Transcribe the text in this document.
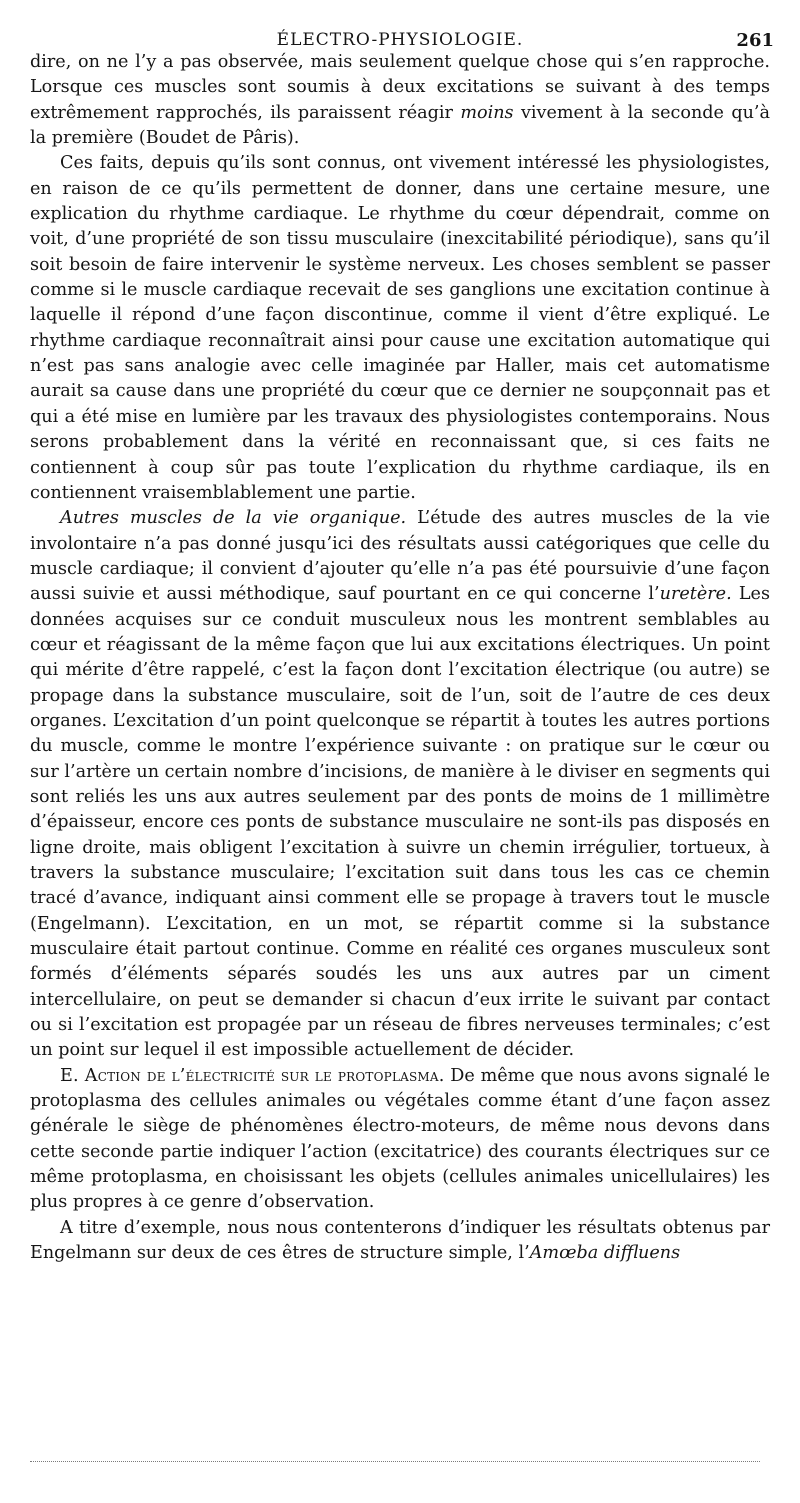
ÉLECTRO-PHYSIOLOGIE.	261

dire, on ne l’y a pas observée, mais seulement quelque chose qui s’en rapproche. Lorsque ces muscles sont soumis à deux excitations se suivant à des temps extrêmement rapprochés, ils paraissent réagir moins vivement à la seconde qu’à la première (Boudet de Pâris).

Ces faits, depuis qu’ils sont connus, ont vivement intéressé les physiologistes, en raison de ce qu’ils permettent de donner, dans une certaine mesure, une explication du rhythme cardiaque. Le rhythme du cœur dépendrait, comme on voit, d’une propriété de son tissu musculaire (inexcitabilité périodique), sans qu’il soit besoin de faire intervenir le système nerveux. Les choses semblent se passer comme si le muscle cardiaque recevait de ses ganglions une excitation continue à laquelle il répond d’une façon discontinue, comme il vient d’être expliqué. Le rhythme cardiaque reconnaîtrait ainsi pour cause une excitation automatique qui n’est pas sans analogie avec celle imaginée par Haller, mais cet automatisme aurait sa cause dans une propriété du cœur que ce dernier ne soupçonnait pas et qui a été mise en lumière par les travaux des physiologistes contemporains. Nous serons probablement dans la vérité en reconnaissant que, si ces faits ne contiennent à coup sûr pas toute l’explication du rhythme cardiaque, ils en contiennent vraisemblablement une partie.

Autres muscles de la vie organique. L’étude des autres muscles de la vie involontaire n’a pas donné jusqu’ici des résultats aussi catégoriques que celle du muscle cardiaque; il convient d’ajouter qu’elle n’a pas été poursuivie d’une façon aussi suivie et aussi méthodique, sauf pourtant en ce qui concerne l’uretère. Les données acquises sur ce conduit musculeux nous les montrent semblables au cœur et réagissant de la même façon que lui aux excitations électriques. Un point qui mérite d’être rappelé, c’est la façon dont l’excitation électrique (ou autre) se propage dans la substance musculaire, soit de l’un, soit de l’autre de ces deux organes. L’excitation d’un point quelconque se répartit à toutes les autres portions du muscle, comme le montre l’expérience suivante : on pratique sur le cœur ou sur l’artère un certain nombre d’incisions, de manière à le diviser en segments qui sont reliés les uns aux autres seulement par des ponts de moins de 1 millimètre d’épaisseur, encore ces ponts de substance musculaire ne sont-ils pas disposés en ligne droite, mais obligent l’excitation à suivre un chemin irrégulier, tortueux, à travers la substance musculaire; l’excitation suit dans tous les cas ce chemin tracé d’avance, indiquant ainsi comment elle se propage à travers tout le muscle (Engelmann). L’excitation, en un mot, se répartit comme si la substance musculaire était partout continue. Comme en réalité ces organes musculeux sont formés d’éléments séparés soudés les uns aux autres par un ciment intercellulaire, on peut se demander si chacun d’eux irrite le suivant par contact ou si l’excitation est propagée par un réseau de fibres nerveuses terminales; c’est un point sur lequel il est impossible actuellement de décider.

E. Action de l’électricité sur le protoplasma. De même que nous avons signalé le protoplasma des cellules animales ou végétales comme étant d’une façon assez générale le siège de phénomènes électro-moteurs, de même nous devons dans cette seconde partie indiquer l’action (excitatrice) des courants électriques sur ce même protoplasma, en choisissant les objets (cellules animales unicellulaires) les plus propres à ce genre d’observation.

A titre d’exemple, nous nous contenterons d’indiquer les résultats obtenus par Engelmann sur deux de ces êtres de structure simple, l’Amœba diffluens
